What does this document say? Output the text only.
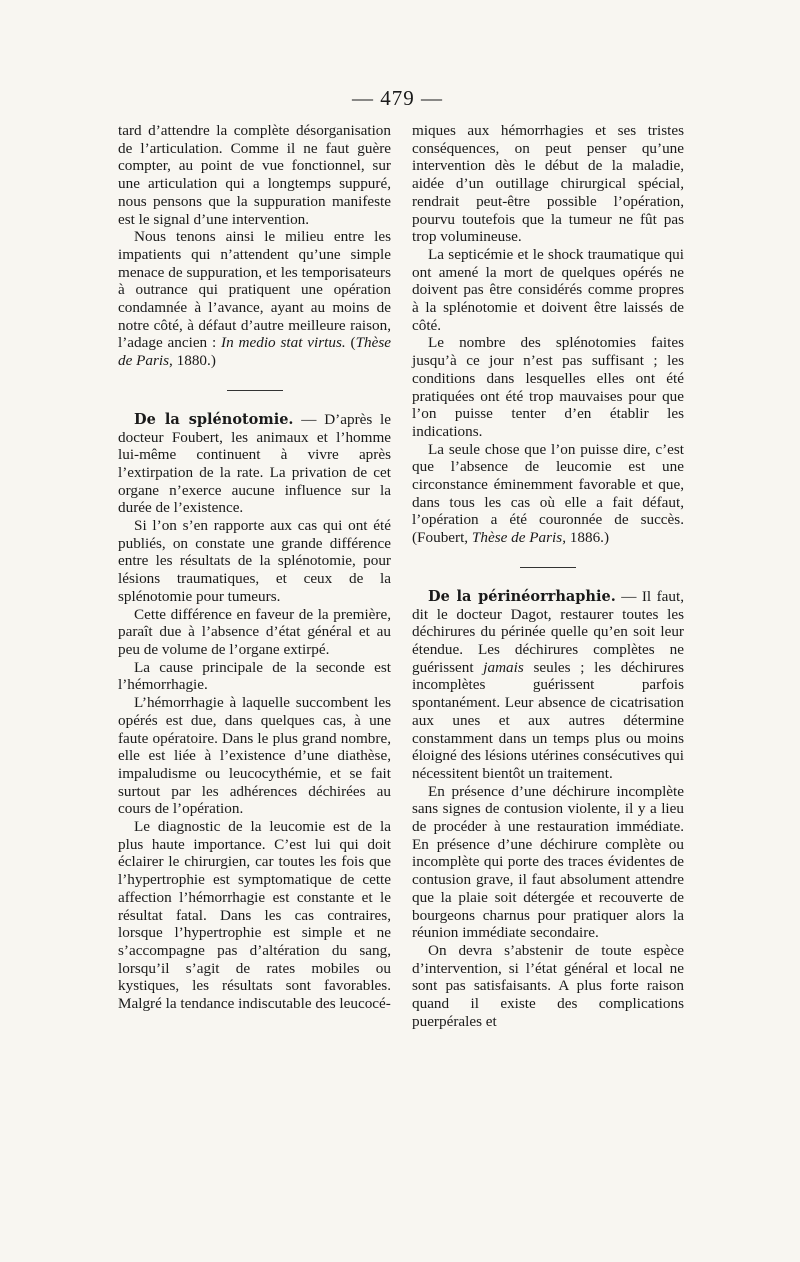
— 479 —

tard d’attendre la complète désorganisation de l’articulation. Comme il ne faut guère compter, au point de vue fonctionnel, sur une articulation qui a longtemps suppuré, nous pensons que la suppuration manifeste est le signal d’une intervention.

Nous tenons ainsi le milieu entre les impatients qui n’attendent qu’une simple menace de suppuration, et les temporisateurs à outrance qui pratiquent une opération condamnée à l’avance, ayant au moins de notre côté, à défaut d’autre meilleure raison, l’adage ancien : In medio stat virtus. (Thèse de Paris, 1880.)

De la splénotomie. — D’après le docteur Foubert, les animaux et l’homme lui-même continuent à vivre après l’extirpation de la rate. La privation de cet organe n’exerce aucune influence sur la durée de l’existence.

Si l’on s’en rapporte aux cas qui ont été publiés, on constate une grande différence entre les résultats de la splénotomie, pour lésions traumatiques, et ceux de la splénotomie pour tumeurs.

Cette différence en faveur de la première, paraît due à l’absence d’état général et au peu de volume de l’organe extirpé.

La cause principale de la seconde est l’hémorrhagie.

L’hémorrhagie à laquelle succombent les opérés est due, dans quelques cas, à une faute opératoire. Dans le plus grand nombre, elle est liée à l’existence d’une diathèse, impaludisme ou leucocythémie, et se fait surtout par les adhérences déchirées au cours de l’opération.

Le diagnostic de la leucomie est de la plus haute importance. C’est lui qui doit éclairer le chirurgien, car toutes les fois que l’hypertrophie est symptomatique de cette affection l’hémorrhagie est constante et le résultat fatal. Dans les cas contraires, lorsque l’hypertrophie est simple et ne s’accompagne pas d’altération du sang, lorsqu’il s’agit de rates mobiles ou kystiques, les résultats sont favorables. Malgré la tendance indiscutable des leucocé-

miques aux hémorrhagies et ses tristes conséquences, on peut penser qu’une intervention dès le début de la maladie, aidée d’un outillage chirurgical spécial, rendrait peut-être possible l’opération, pourvu toutefois que la tumeur ne fût pas trop volumineuse.

La septicémie et le shock traumatique qui ont amené la mort de quelques opérés ne doivent pas être considérés comme propres à la splénotomie et doivent être laissés de côté.

Le nombre des splénotomies faites jusqu’à ce jour n’est pas suffisant ; les conditions dans lesquelles elles ont été pratiquées ont été trop mauvaises pour que l’on puisse tenter d’en établir les indications.

La seule chose que l’on puisse dire, c’est que l’absence de leucomie est une circonstance éminemment favorable et que, dans tous les cas où elle a fait défaut, l’opération a été couronnée de succès. (Foubert, Thèse de Paris, 1886.)

De la périnéorrhaphie. — Il faut, dit le docteur Dagot, restaurer toutes les déchirures du périnée quelle qu’en soit leur étendue. Les déchirures complètes ne guérissent jamais seules ; les déchirures incomplètes guérissent parfois spontanément. Leur absence de cicatrisation aux unes et aux autres détermine constamment dans un temps plus ou moins éloigné des lésions utérines consécutives qui nécessitent bientôt un traitement.

En présence d’une déchirure incomplète sans signes de contusion violente, il y a lieu de procéder à une restauration immédiate. En présence d’une déchirure complète ou incomplète qui porte des traces évidentes de contusion grave, il faut absolument attendre que la plaie soit détergée et recouverte de bourgeons charnus pour pratiquer alors la réunion immédiate secondaire.

On devra s’abstenir de toute espèce d’intervention, si l’état général et local ne sont pas satisfaisants. A plus forte raison quand il existe des complications puerpérales et
